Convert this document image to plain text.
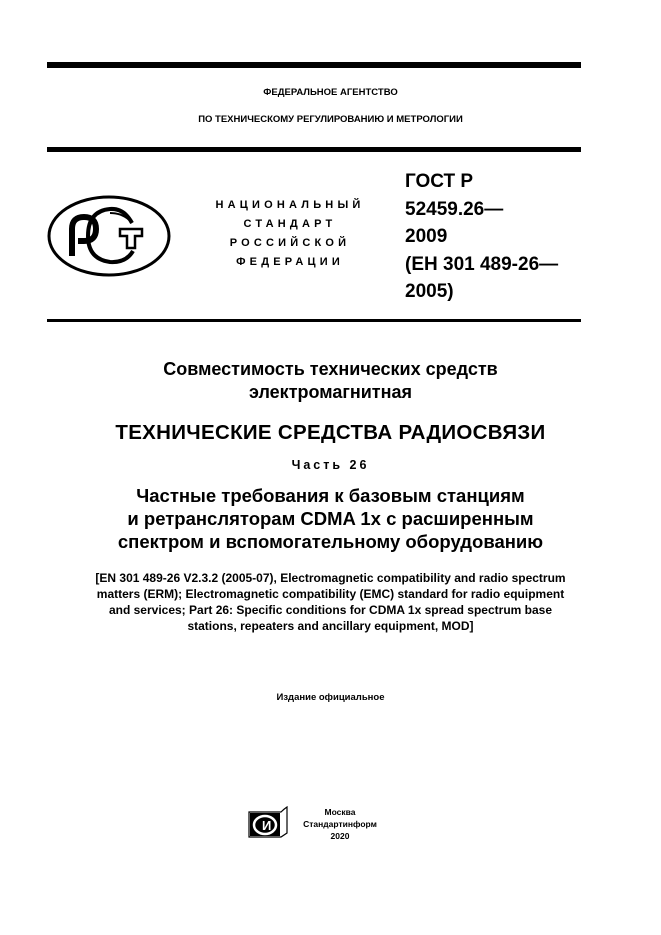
ФЕДЕРАЛЬНОЕ АГЕНТСТВО
ПО ТЕХНИЧЕСКОМУ РЕГУЛИРОВАНИЮ И МЕТРОЛОГИИ
НАЦИОНАЛЬНЫЙ
СТАНДАРТ
РОССИЙСКОЙ
ФЕДЕРАЦИИ
ГОСТ Р
52459.26—
2009
(ЕН 301 489-26—
2005)
Совместимость технических средств
электромагнитная
ТЕХНИЧЕСКИЕ СРЕДСТВА РАДИОСВЯЗИ
Часть 26
Частные требования к базовым станциям
и ретрансляторам CDMA 1x с расширенным
спектром и вспомогательному оборудованию
[EN 301 489-26 V2.3.2 (2005-07), Electromagnetic compatibility and radio spectrum
matters (ERM); Electromagnetic compatibility (EMC) standard for radio equipment
and services; Part 26: Specific conditions for CDMA 1x spread spectrum base
stations, repeaters and ancillary equipment, MOD]
Издание официальное
И
Москва
Стандартинформ
2020
